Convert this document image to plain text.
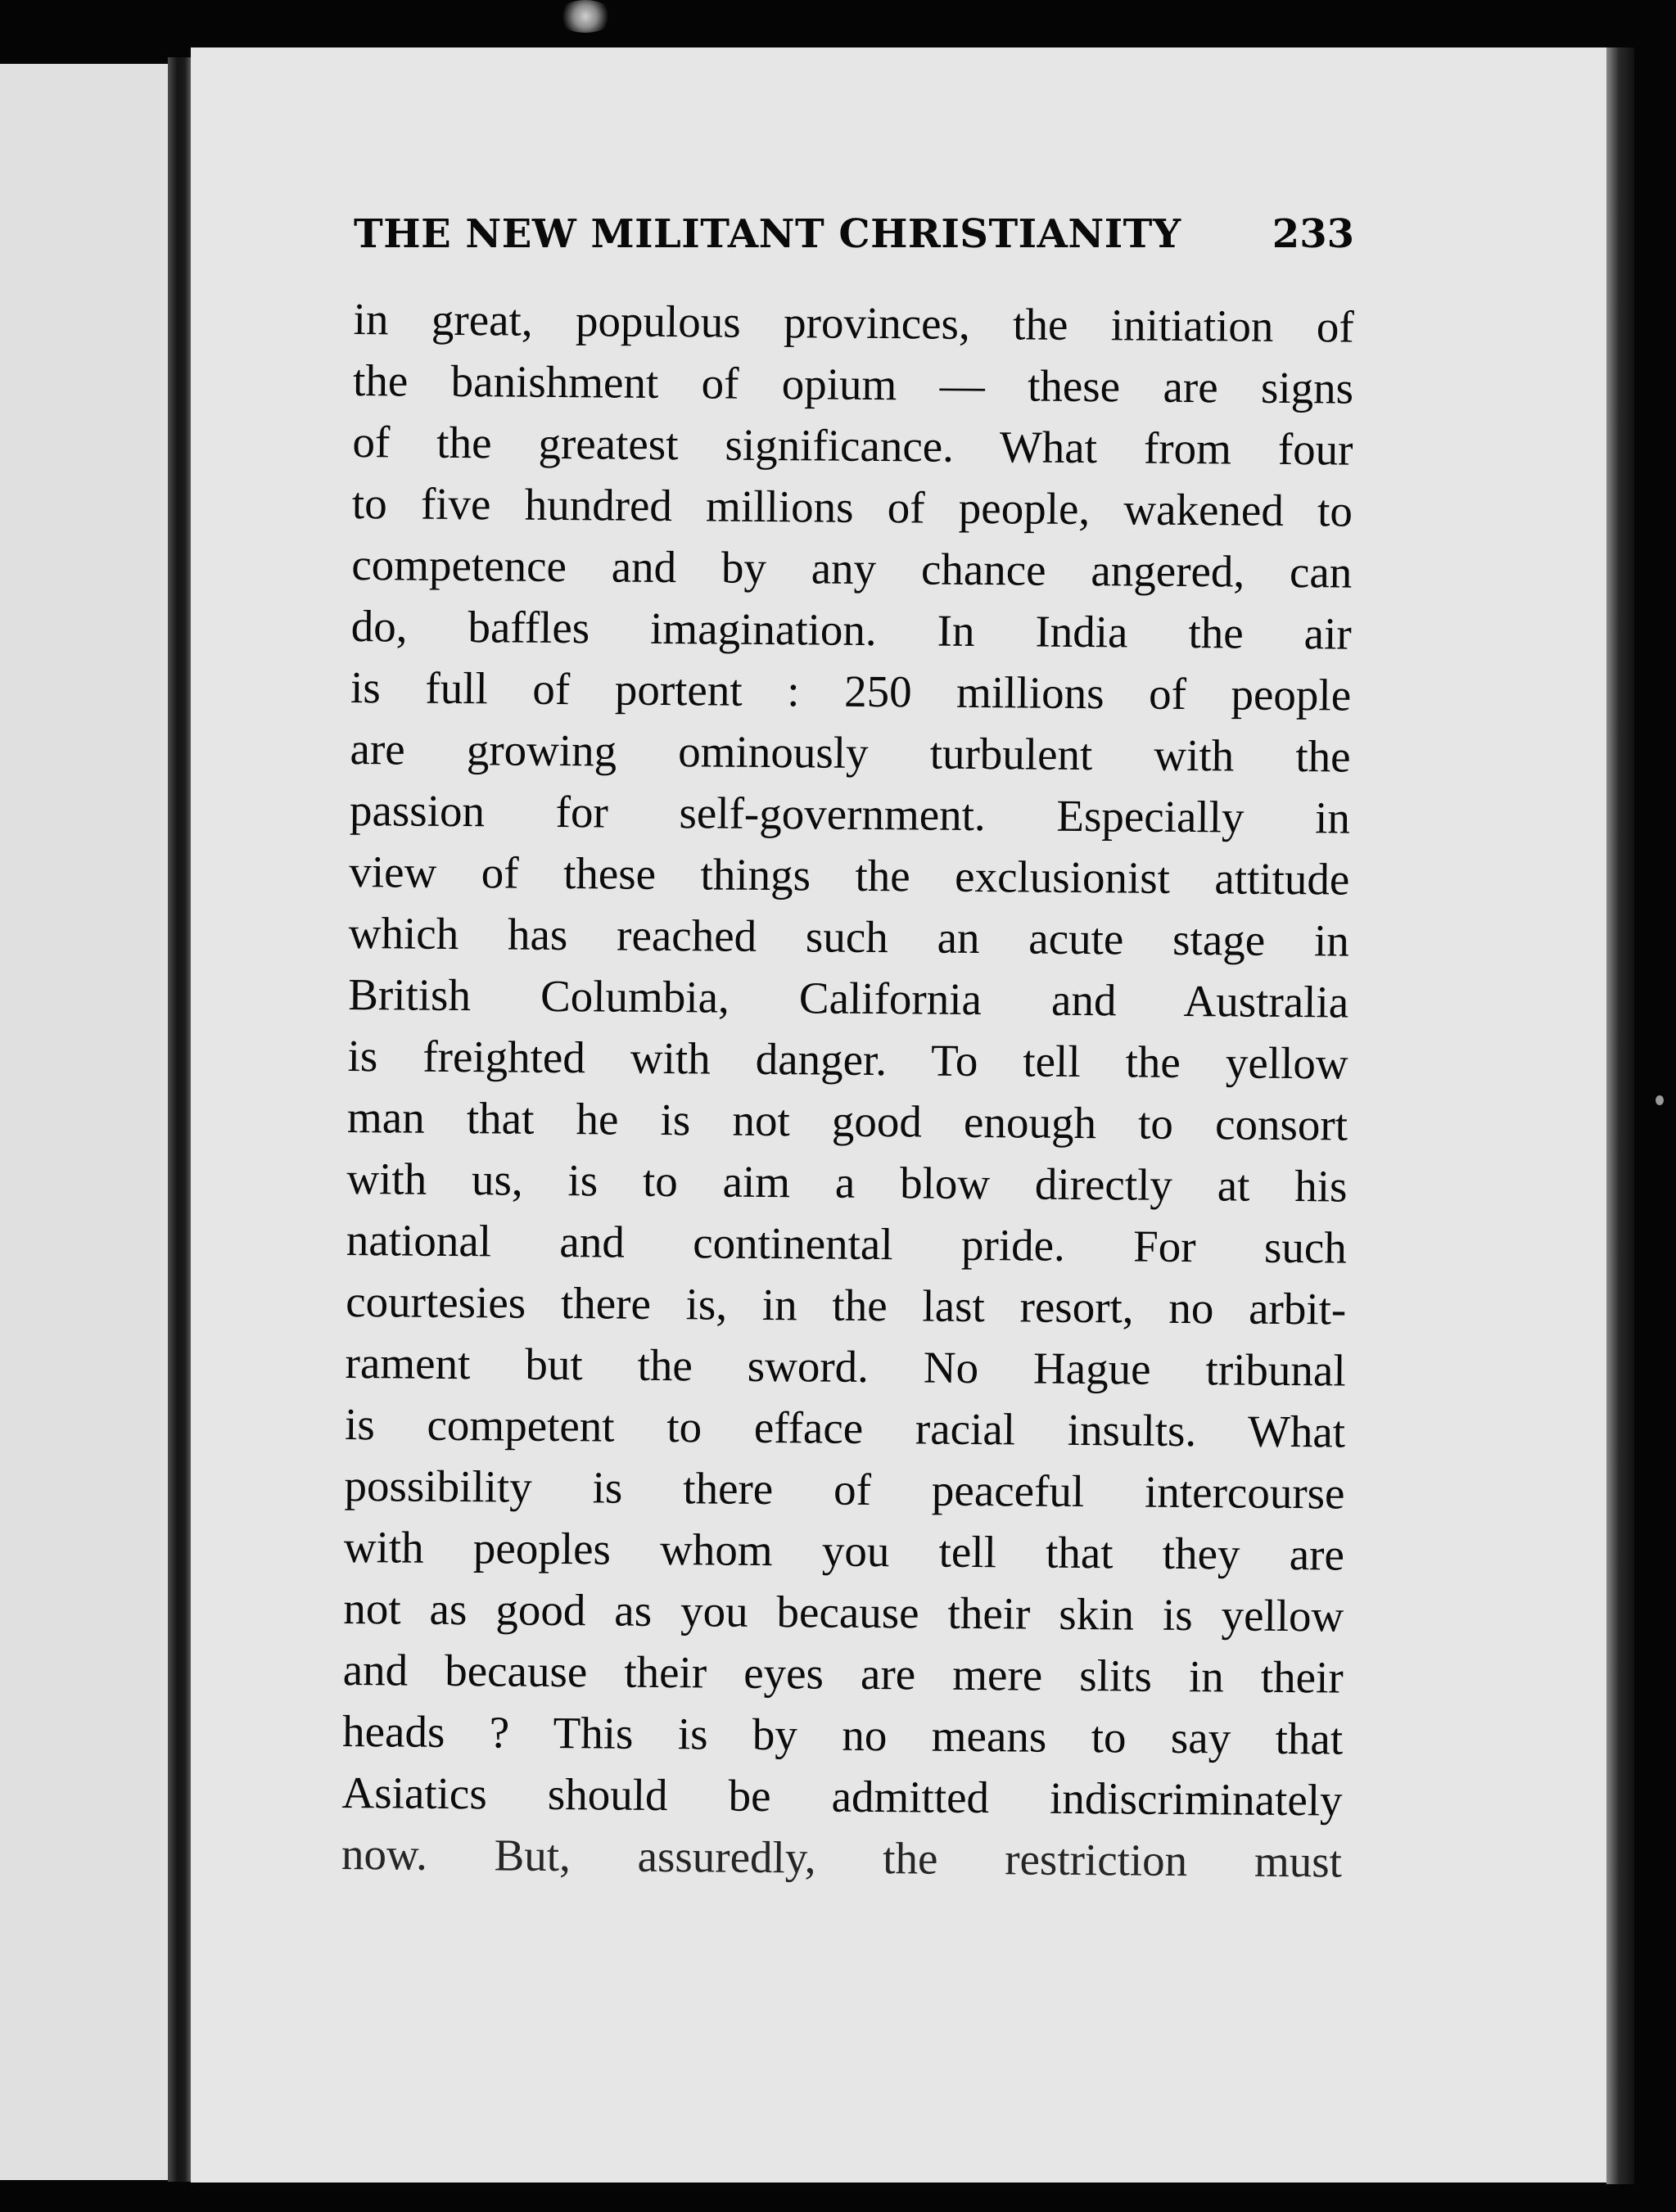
THE NEW MILITANT CHRISTIANITY 233
in great, populous provinces, the initiation of
the banishment of opium — these are signs
of the greatest significance. What from four
to five hundred millions of people, wakened to
competence and by any chance angered, can
do, baffles imagination. In India the air
is full of portent : 250 millions of people
are growing ominously turbulent with the
passion for self-government. Especially in
view of these things the exclusionist attitude
which has reached such an acute stage in
British Columbia, California and Australia
is freighted with danger. To tell the yellow
man that he is not good enough to consort
with us, is to aim a blow directly at his
national and continental pride. For such
courtesies there is, in the last resort, no arbit-
rament but the sword. No Hague tribunal
is competent to efface racial insults. What
possibility is there of peaceful intercourse
with peoples whom you tell that they are
not as good as you because their skin is yellow
and because their eyes are mere slits in their
heads ? This is by no means to say that
Asiatics should be admitted indiscriminately
now. But, assuredly, the restriction must
